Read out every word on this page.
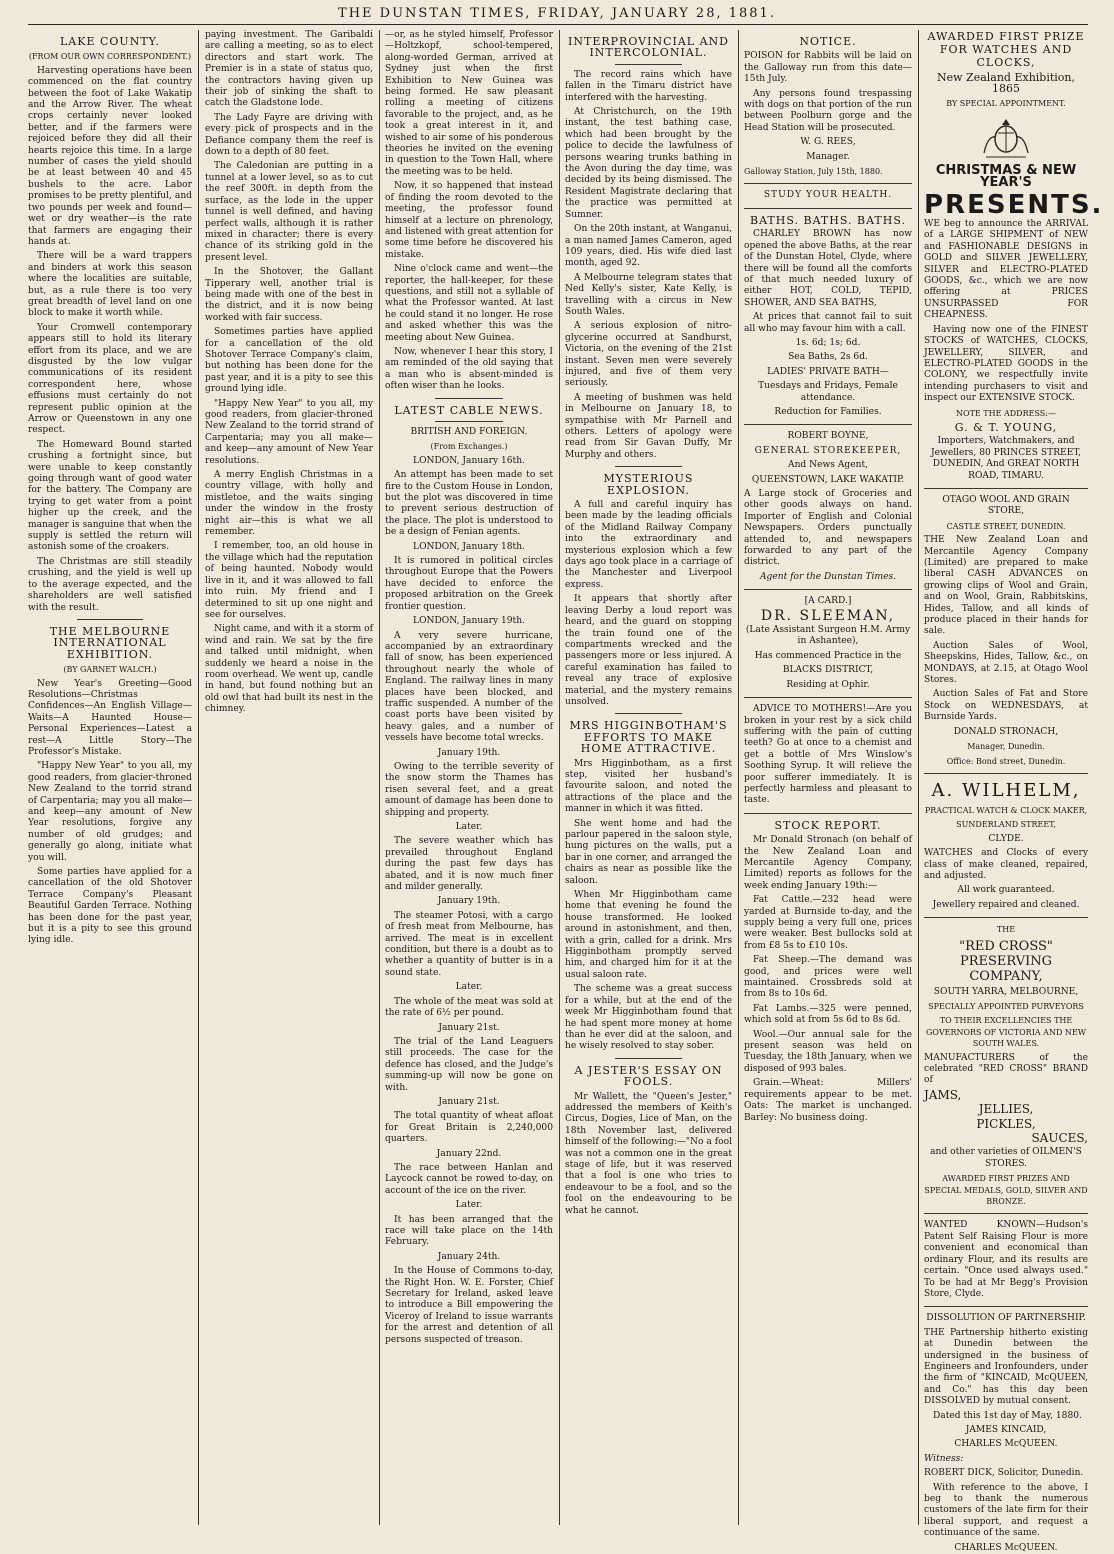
THE DUNSTAN TIMES, FRIDAY, JANUARY 28, 1881.
LAKE COUNTY.

(FROM OUR OWN CORRESPONDENT.)

Harvesting operations have been commenced on the flat country between the foot of Lake Wakatip and the Arrow River. The wheat crops certainly never looked better, and if the farmers were rejoiced before they did all their hearts rejoice this time. In a large number of cases the yield should be at least between 40 and 45 bushels to the acre. Labor promises to be pretty plentiful, and two pounds per week and found—wet or dry weather—is the rate that farmers are engaging their hands at.

There will be a ward trappers and binders at work this season where the localities are suitable, but, as a rule there is too very great breadth of level land on one block to make it worth while.

Your Cromwell contemporary appears still to hold its literary effort from its place, and we are disgusted by the low vulgar communications of its resident correspondent here, whose effusions must certainly do not represent public opinion at the Arrow or Queenstown in any one respect.

The Homeward Bound started crushing a fortnight since, but were unable to keep constantly going through want of good water for the battery. The Company are trying to get water from a point higher up the creek, and the manager is sanguine that when the supply is settled the return will astonish some of the croakers.

The Christmas are still steadily crushing, and the yield is well up to the average expected, and the shareholders are well satisfied with the result.

THE MELBOURNE INTERNATIONAL EXHIBITION.

(BY GARNET WALCH.)

New Year's Greeting—Good Resolutions—Christmas Confidences—An English Village—Waits—A Haunted House—Personal Experiences—Latest a rest—A Little Story—The Professor's Mistake.

"Happy New Year" to you all, my good readers, from glacier-throned New Zealand to the torrid strand of Carpentaria; may you all make—and keep—any amount of New Year resolutions, forgive any number of old grudges; and generally go along, initiate what you will.

Some parties have applied for a cancellation of the old Shotover Terrace Company's Pleasant Beautiful Garden Terrace. Nothing has been done for the past year, but it is a pity to see this ground lying idle.

paying investment. The Garibaldi are calling a meeting, so as to elect directors and start work. The Premier is in a state of status quo, the contractors having given up their job of sinking the shaft to catch the Gladstone lode.

The Lady Fayre are driving with every pick of prospects and in the Defiance company them the reef is down to a depth of 80 feet.

The Caledonian are putting in a tunnel at a lower level, so as to cut the reef 300ft. in depth from the surface, as the lode in the upper tunnel is well defined, and having perfect walls, although it is rather mixed in character; there is every chance of its striking gold in the present level.

In the Shotover, the Gallant Tipperary well, another trial is being made with one of the best in the district, and it is now being worked with fair success.

Sometimes parties have applied for a cancellation of the old Shotover Terrace Company's claim, but nothing has been done for the past year, and it is a pity to see this ground lying idle.

"Happy New Year" to you all, my good readers, from glacier-throned New Zealand to the torrid strand of Carpentaria; may you all make—and keep—any amount of New Year resolutions.

A merry English Christmas in a country village, with holly and mistletoe, and the waits singing under the window in the frosty night air—this is what we all remember.

I remember, too, an old house in the village which had the reputation of being haunted. Nobody would live in it, and it was allowed to fall into ruin. My friend and I determined to sit up one night and see for ourselves.

Night came, and with it a storm of wind and rain. We sat by the fire and talked until midnight, when suddenly we heard a noise in the room overhead. We went up, candle in hand, but found nothing but an old owl that had built its nest in the chimney.

—or, as he styled himself, Professor—Holtzkopf, school-tempered, along-worded German, arrived at Sydney just when the first Exhibition to New Guinea was being formed. He saw pleasant rolling a meeting of citizens favorable to the project, and, as he took a great interest in it, and wished to air some of his ponderous theories he invited on the evening in question to the Town Hall, where the meeting was to be held.

Now, it so happened that instead of finding the room devoted to the meeting, the professor found himself at a lecture on phrenology, and listened with great attention for some time before he discovered his mistake.

Nine o'clock came and went—the reporter, the hall-keeper, for these questions, and still not a syllable of what the Professor wanted. At last he could stand it no longer. He rose and asked whether this was the meeting about New Guinea.

Now, whenever I hear this story, I am reminded of the old saying that a man who is absent-minded is often wiser than he looks.

LATEST CABLE NEWS.

BRITISH AND FOREIGN.

(From Exchanges.)

LONDON, January 16th.

An attempt has been made to set fire to the Custom House in London, but the plot was discovered in time to prevent serious destruction of the place. The plot is understood to be a design of Fenian agents.

LONDON, January 18th.

It is rumored in political circles throughout Europe that the Powers have decided to enforce the proposed arbitration on the Greek frontier question.

LONDON, January 19th.

A very severe hurricane, accompanied by an extraordinary fall of snow, has been experienced throughout nearly the whole of England. The railway lines in many places have been blocked, and traffic suspended. A number of the coast ports have been visited by heavy gales, and a number of vessels have become total wrecks.

January 19th.

Owing to the terrible severity of the snow storm the Thames has risen several feet, and a great amount of damage has been done to shipping and property.

Later.

The severe weather which has prevailed throughout England during the past few days has abated, and it is now much finer and milder generally.

January 19th.

The steamer Potosi, with a cargo of fresh meat from Melbourne, has arrived. The meat is in excellent condition, but there is a doubt as to whether a quantity of butter is in a sound state.

Later.

The whole of the meat was sold at the rate of 6½ per pound.

January 21st.

The trial of the Land Leaguers still proceeds. The case for the defence has closed, and the Judge's summing-up will now be gone on with.

January 21st.

The total quantity of wheat afloat for Great Britain is 2,240,000 quarters.

January 22nd.

The race between Hanlan and Laycock cannot be rowed to-day, on account of the ice on the river.

Later.

It has been arranged that the race will take place on the 14th February.

January 24th.

In the House of Commons to-day, the Right Hon. W. E. Forster, Chief Secretary for Ireland, asked leave to introduce a Bill empowering the Viceroy of Ireland to issue warrants for the arrest and detention of all persons suspected of treason.

INTERPROVINCIAL AND INTERCOLONIAL.

The record rains which have fallen in the Timaru district have interfered with the harvesting.

At Christchurch, on the 19th instant, the test bathing case, which had been brought by the police to decide the lawfulness of persons wearing trunks bathing in the Avon during the day time, was decided by its being dismissed. The Resident Magistrate declaring that the practice was permitted at Sumner.

On the 20th instant, at Wanganui, a man named James Cameron, aged 109 years, died. His wife died last month, aged 92.

A Melbourne telegram states that Ned Kelly's sister, Kate Kelly, is travelling with a circus in New South Wales.

A serious explosion of nitro-glycerine occurred at Sandhurst, Victoria, on the evening of the 21st instant. Seven men were severely injured, and five of them very seriously.

A meeting of bushmen was held in Melbourne on January 18, to sympathise with Mr Parnell and others. Letters of apology were read from Sir Gavan Duffy, Mr Murphy and others.

MYSTERIOUS EXPLOSION.

A full and careful inquiry has been made by the leading officials of the Midland Railway Company into the extraordinary and mysterious explosion which a few days ago took place in a carriage of the Manchester and Liverpool express.

It appears that shortly after leaving Derby a loud report was heard, and the guard on stopping the train found one of the compartments wrecked and the passengers more or less injured. A careful examination has failed to reveal any trace of explosive material, and the mystery remains unsolved.

MRS HIGGINBOTHAM'S EFFORTS TO MAKE HOME ATTRACTIVE.

Mrs Higginbotham, as a first step, visited her husband's favourite saloon, and noted the attractions of the place and the manner in which it was fitted.

She went home and had the parlour papered in the saloon style, hung pictures on the walls, put a bar in one corner, and arranged the chairs as near as possible like the saloon.

When Mr Higginbotham came home that evening he found the house transformed. He looked around in astonishment, and then, with a grin, called for a drink. Mrs Higginbotham promptly served him, and charged him for it at the usual saloon rate.

The scheme was a great success for a while, but at the end of the week Mr Higginbotham found that he had spent more money at home than he ever did at the saloon, and he wisely resolved to stay sober.

A JESTER'S ESSAY ON FOOLS.

Mr Wallett, the "Queen's Jester," addressed the members of Keith's Circus, Dogies, Lice of Man, on the 18th November last, delivered himself of the following:—"No a fool was not a common one in the great stage of life, but it was reserved that a fool is one who tries to endeavour to be a fool, and so the fool on the endeavouring to be what he cannot.

NOTICE.

POISON for Rabbits will be laid on the Galloway run from this date—15th July.

Any persons found trespassing with dogs on that portion of the run between Poolburn gorge and the Head Station will be prosecuted.

W. G. REES,

Manager.

Galloway Station, July 15th, 1880.

STUDY YOUR HEALTH.

BATHS. BATHS. BATHS.

CHARLEY BROWN has now opened the above Baths, at the rear of the Dunstan Hotel, Clyde, where there will be found all the comforts of that much needed luxury of either HOT, COLD, TEPID, SHOWER, AND SEA BATHS,

At prices that cannot fail to suit all who may favour him with a call.

1s. 6d; 1s; 6d.

Sea Baths, 2s 6d.

LADIES' PRIVATE BATH—

Tuesdays and Fridays, Female attendance.

Reduction for Families.

ROBERT BOYNE,

GENERAL STOREKEEPER,

And News Agent,

QUEENSTOWN, LAKE WAKATIP.

A Large stock of Groceries and other goods always on hand. Importer of English and Colonial Newspapers. Orders punctually attended to, and newspapers forwarded to any part of the district.

Agent for the Dunstan Times.

[A CARD.]

DR. SLEEMAN,

(Late Assistant Surgeon H.M. Army in Ashantee),

Has commenced Practice in the

BLACKS DISTRICT,

Residing at Ophir.

ADVICE TO MOTHERS!—Are you broken in your rest by a sick child suffering with the pain of cutting teeth? Go at once to a chemist and get a bottle of Mrs Winslow's Soothing Syrup. It will relieve the poor sufferer immediately. It is perfectly harmless and pleasant to taste.

STOCK REPORT.

Mr Donald Stronach (on behalf of the New Zealand Loan and Mercantile Agency Company, Limited) reports as follows for the week ending January 19th:—

Fat Cattle.—232 head were yarded at Burnside to-day, and the supply being a very full one, prices were weaker. Best bullocks sold at from £8 5s to £10 10s.

Fat Sheep.—The demand was good, and prices were well maintained. Crossbreds sold at from 8s to 10s 6d.

Fat Lambs.—325 were penned, which sold at from 5s 6d to 8s 6d.

Wool.—Our annual sale for the present season was held on Tuesday, the 18th January, when we disposed of 993 bales.

Grain.—Wheat: Millers' requirements appear to be met. Oats: The market is unchanged. Barley: No business doing.

AWARDED FIRST PRIZE FOR WATCHES AND CLOCKS,

New Zealand Exhibition, 1865

BY SPECIAL APPOINTMENT.

CHRISTMAS & NEW YEAR'S

PRESENTS.

WE beg to announce the ARRIVAL of a LARGE SHIPMENT of NEW and FASHIONABLE DESIGNS in GOLD and SILVER JEWELLERY, SILVER and ELECTRO-PLATED GOODS, &c., which we are now offering at PRICES UNSURPASSED FOR CHEAPNESS.

Having now one of the FINEST STOCKS of WATCHES, CLOCKS, JEWELLERY, SILVER, and ELECTRO-PLATED GOODS in the COLONY, we respectfully invite intending purchasers to visit and inspect our EXTENSIVE STOCK.

NOTE THE ADDRESS:—

G. & T. YOUNG,

Importers, Watchmakers, and Jewellers, 80 PRINCES STREET, DUNEDIN, And GREAT NORTH ROAD, TIMARU.

OTAGO WOOL AND GRAIN STORE,

CASTLE STREET, DUNEDIN.

THE New Zealand Loan and Mercantile Agency Company (Limited) are prepared to make liberal CASH ADVANCES on growing clips of Wool and Grain, and on Wool, Grain, Rabbitskins, Hides, Tallow, and all kinds of produce placed in their hands for sale.

Auction Sales of Wool, Sheepskins, Hides, Tallow, &c., on MONDAYS, at 2.15, at Otago Wool Stores.

Auction Sales of Fat and Store Stock on WEDNESDAYS, at Burnside Yards.

DONALD STRONACH,

Manager, Dunedin.

Office: Bond street, Dunedin.

A. WILHELM,

PRACTICAL WATCH & CLOCK MAKER,

SUNDERLAND STREET,

CLYDE.

WATCHES and Clocks of every class of make cleaned, repaired, and adjusted.

All work guaranteed.

Jewellery repaired and cleaned.

THE

"RED CROSS" PRESERVING COMPANY,

SOUTH YARRA, MELBOURNE,

SPECIALLY APPOINTED PURVEYORS

TO THEIR EXCELLENCIES THE GOVERNORS OF VICTORIA AND NEW SOUTH WALES.

MANUFACTURERS of the celebrated "RED CROSS" BRAND of

JAMS,

JELLIES,

PICKLES,

SAUCES,

and other varieties of OILMEN'S STORES.

AWARDED FIRST PRIZES AND SPECIAL MEDALS, GOLD, SILVER AND BRONZE.

WANTED KNOWN—Hudson's Patent Self Raising Flour is more convenient and economical than ordinary Flour, and its results are certain. "Once used always used." To be had at Mr Begg's Provision Store, Clyde.

DISSOLUTION OF PARTNERSHIP.

THE Partnership hitherto existing at Dunedin between the undersigned in the business of Engineers and Ironfounders, under the firm of "KINCAID, McQUEEN, and Co." has this day been DISSOLVED by mutual consent.

Dated this 1st day of May, 1880.

JAMES KINCAID,

CHARLES McQUEEN.

Witness:

ROBERT DICK, Solicitor, Dunedin.

With reference to the above, I beg to thank the numerous customers of the late firm for their liberal support, and request a continuance of the same.

CHARLES McQUEEN.
